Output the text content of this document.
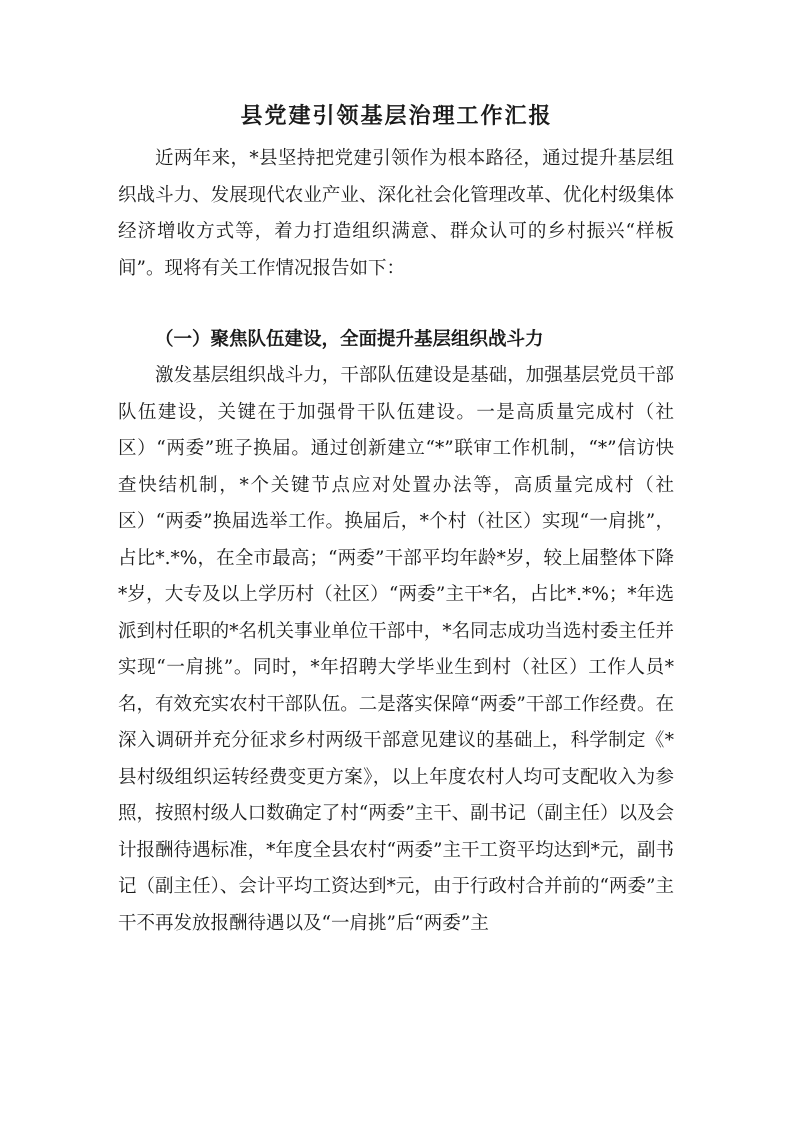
县党建引领基层治理工作汇报

近两年来，*县坚持把党建引领作为根本路径，通过提升基层组织战斗力、发展现代农业产业、深化社会化管理改革、优化村级集体经济增收方式等，着力打造组织满意、群众认可的乡村振兴“样板间”。现将有关工作情况报告如下：

（一）聚焦队伍建设，全面提升基层组织战斗力

激发基层组织战斗力，干部队伍建设是基础，加强基层党员干部队伍建设，关键在于加强骨干队伍建设。一是高质量完成村（社区）“两委”班子换届。通过创新建立“*”联审工作机制，“*”信访快查快结机制，*个关键节点应对处置办法等，高质量完成村（社区）“两委”换届选举工作。换届后，*个村（社区）实现“一肩挑”，占比*.*%，在全市最高；“两委”干部平均年龄*岁，较上届整体下降*岁，大专及以上学历村（社区）“两委”主干*名，占比*.*%；*年选派到村任职的*名机关事业单位干部中，*名同志成功当选村委主任并实现“一肩挑”。同时，*年招聘大学毕业生到村（社区）工作人员*名，有效充实农村干部队伍。二是落实保障“两委”干部工作经费。在深入调研并充分征求乡村两级干部意见建议的基础上，科学制定《*县村级组织运转经费变更方案》，以上年度农村人均可支配收入为参照，按照村级人口数确定了村“两委”主干、副书记（副主任）以及会计报酬待遇标准，*年度全县农村“两委”主干工资平均达到*元，副书记（副主任）、会计平均工资达到*元，由于行政村合并前的“两委”主干不再发放报酬待遇以及“一肩挑”后“两委”主
